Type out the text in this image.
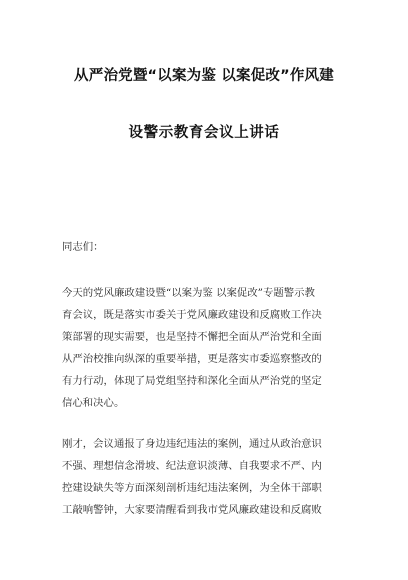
从严治党暨“以案为鉴 以案促改”作风建
设警示教育会议上讲话
同志们：
今天的党风廉政建设暨“以案为鉴 以案促改”专题警示教
育会议，既是落实市委关于党风廉政建设和反腐败工作决
策部署的现实需要，也是坚持不懈把全面从严治党和全面
从严治校推向纵深的重要举措，更是落实市委巡察整改的
有力行动，体现了局党组坚持和深化全面从严治党的坚定
信心和决心。
刚才，会议通报了身边违纪违法的案例，通过从政治意识
不强、理想信念滑坡、纪法意识淡薄、自我要求不严、内
控建设缺失等方面深刻剖析违纪违法案例，为全体干部职
工敲响警钟，大家要清醒看到我市党风廉政建设和反腐败
